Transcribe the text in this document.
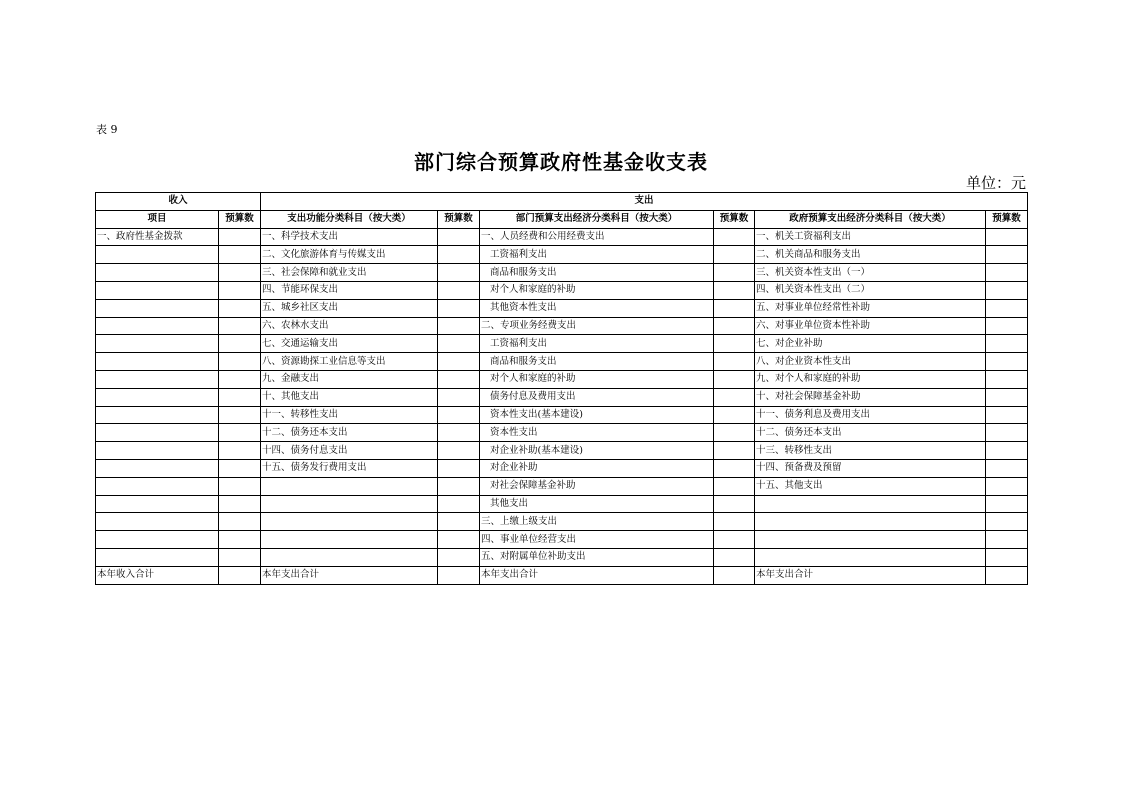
表 9
部门综合预算政府性基金收支表
单位：元
收入		支出					
项目	预算数	支出功能分类科目（按大类）	预算数	部门预算支出经济分类科目（按大类）	预算数	政府预算支出经济分类科目（按大类）	预算数
一、政府性基金拨款		一、科学技术支出		一、人员经费和公用经费支出		一、机关工资福利支出	
		二、文化旅游体育与传媒支出		工资福利支出		二、机关商品和服务支出	
		三、社会保障和就业支出		商品和服务支出		三、机关资本性支出（一）	
		四、节能环保支出		对个人和家庭的补助		四、机关资本性支出（二）	
		五、城乡社区支出		其他资本性支出		五、对事业单位经常性补助	
		六、农林水支出		二、专项业务经费支出		六、对事业单位资本性补助	
		七、交通运输支出		工资福利支出		七、对企业补助	
		八、资源勘探工业信息等支出		商品和服务支出		八、对企业资本性支出	
		九、金融支出		对个人和家庭的补助		九、对个人和家庭的补助	
		十、其他支出		债务付息及费用支出		十、对社会保障基金补助	
		十一、转移性支出		资本性支出(基本建设)		十一、债务利息及费用支出	
		十二、债务还本支出		资本性支出		十二、债务还本支出	
		十四、债务付息支出		对企业补助(基本建设)		十三、转移性支出	
		十五、债务发行费用支出		对企业补助		十四、预备费及预留	
				对社会保障基金补助		十五、其他支出	
				其他支出			
				三、上缴上级支出			
				四、事业单位经营支出			
				五、对附属单位补助支出			
本年收入合计		本年支出合计		本年支出合计		本年支出合计	
